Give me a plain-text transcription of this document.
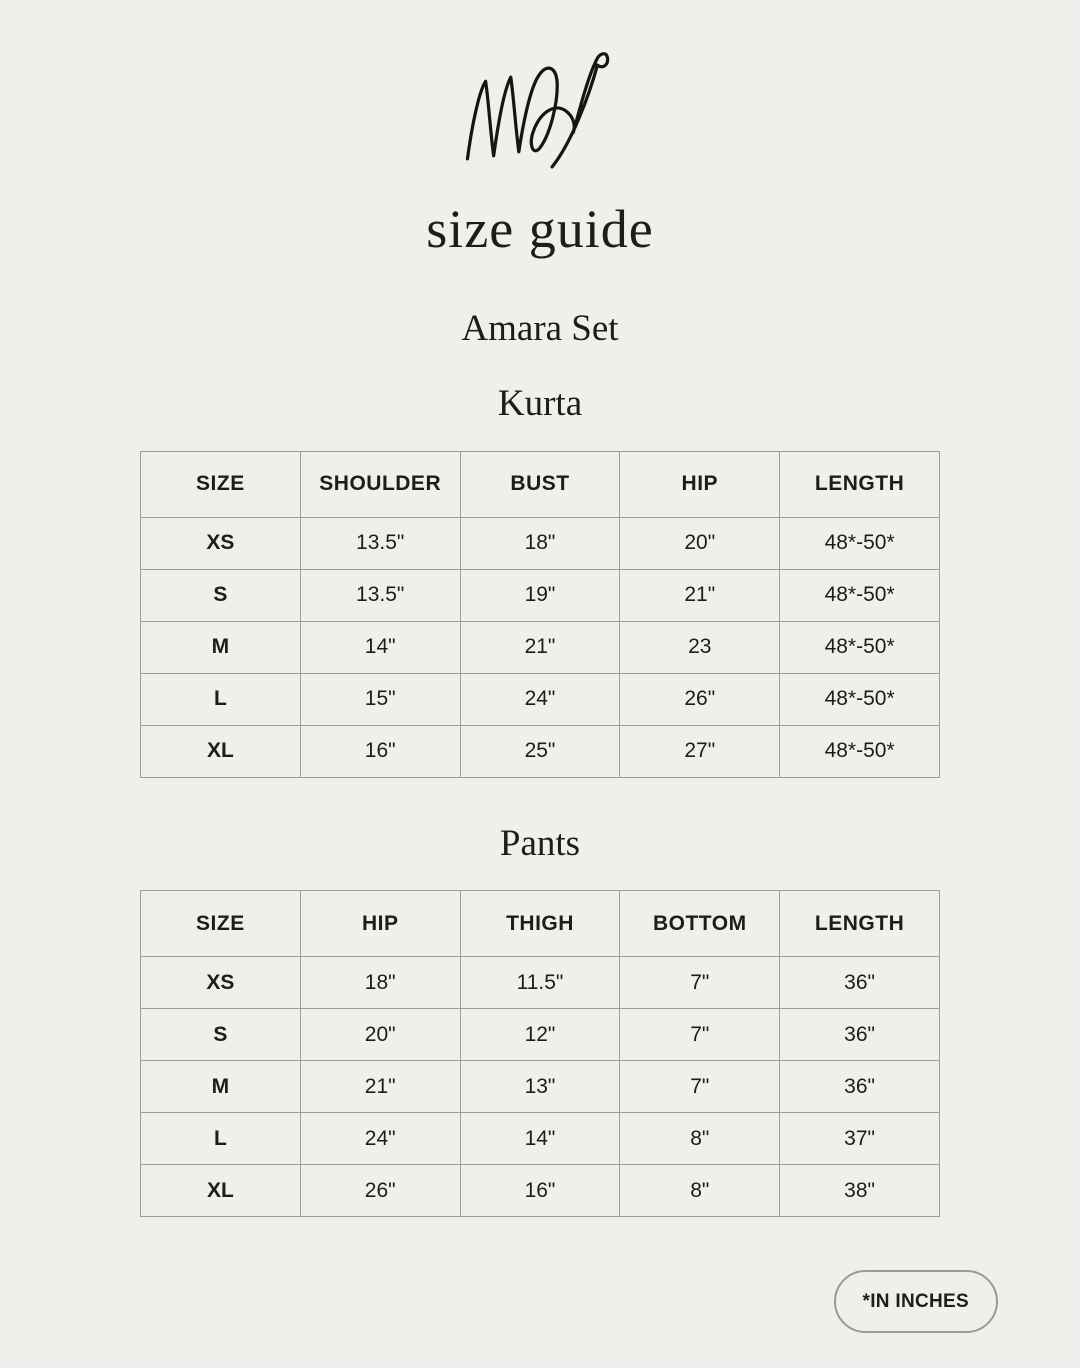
size guide
Amara Set
Kurta
SIZE	SHOULDER	BUST	HIP	LENGTH
XS	13.5"	18"	20"	48*-50*
S	13.5"	19"	21"	48*-50*
M	14"	21"	23	48*-50*
L	15"	24"	26"	48*-50*
XL	16"	25"	27"	48*-50*
Pants
SIZE	HIP	THIGH	BOTTOM	LENGTH
XS	18"	11.5"	7"	36"
S	20"	12"	7"	36"
M	21"	13"	7"	36"
L	24"	14"	8"	37"
XL	26"	16"	8"	38"
*IN INCHES
